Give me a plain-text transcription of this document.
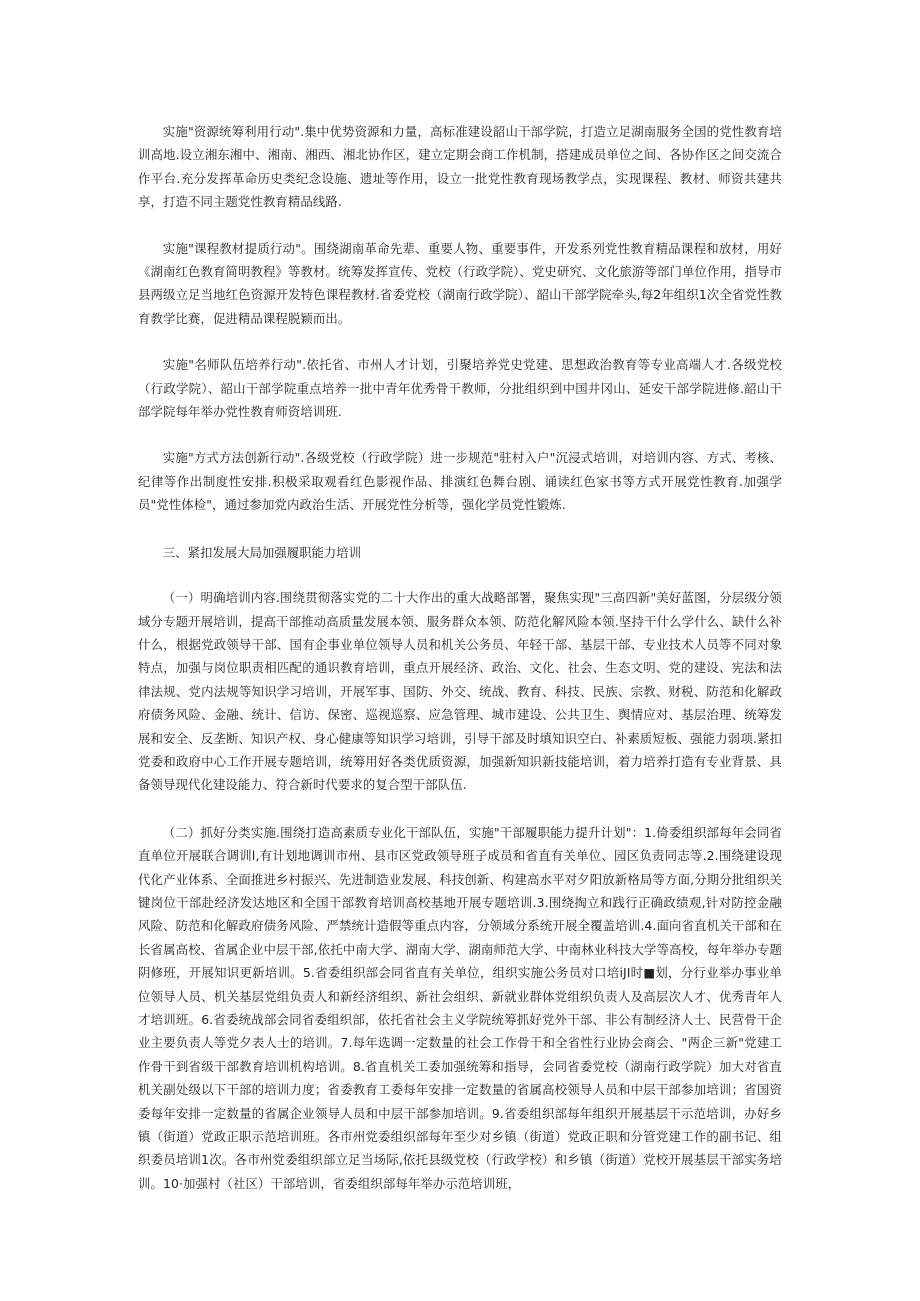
实施"资源统筹利用行动".集中优势资源和力量，高标准建设韶山干部学院，打造立足湖南服务全国的党性教育培训高地.设立湘东湘中、湘南、湘西、湘北协作区，建立定期会商工作机制，搭建成员单位之间、各协作区之间交流合作平台.充分发挥革命历史类纪念设施、遗址等作用，设立一批党性教育现场教学点，实现课程、教材、师资共建共享，打造不同主题党性教育精品线路.

实施"课程教材提质行动"。围绕湖南革命先辈、重要人物、重要事件，开发系列党性教育精品课程和放材，用好《湖南红色教育简明教程》等教材。统筹发挥宣传、党校（行政学院）、党史研究、文化旅游等部门单位作用，指导市县两级立足当地红色资源开发特色课程教材.省委党校（湖南行政学院）、韶山干部学院牵头,每2年组织1次全省党性教育教学比赛，促进精品课程脱颖而出。

实施"名师队伍培养行动".依托省、市州人才计划，引聚培养党史党建、思想政治教育等专业高端人才.各级党校（行政学院）、韶山干部学院重点培养一批中青年优秀骨干教师，分批组织到中国井冈山、延安干部学院进修.韶山干部学院每年举办党性教育师资培训班.

实施"方式方法创新行动".各级党校（行政学院）进一步规范"驻村入户"沉浸式培训，对培训内容、方式、考核、纪律等作出制度性安排.积极采取观看红色影视作品、排演红色舞台剧、诵读红色家书等方式开展党性教育.加强学员"党性体检"，通过参加党内政治生活、开展党性分析等，强化学员党性锻炼.

三、紧扣发展大局加强履职能力培训

（一）明确培训内容.围绕贯彻落实党的二十大作出的重大战略部署，聚焦实现"三高四新"美好蓝图，分层级分领域分专题开展培训，提高干部推动高质量发展本领、服务群众本领、防范化解风险本领.坚持干什么学什么、缺什么补什么，根据党政领导干部、国有企事业单位领导人员和机关公务员、年轻干部、基层干部、专业技术人员等不同对象特点，加强与岗位职责相匹配的通识教育培训，重点开展经济、政治、文化、社会、生态文明、党的建设、宪法和法律法规、党内法规等知识学习培训，开展军事、国防、外交、统战、教育、科技、民族、宗教、财税、防范和化解政府债务风险、金融、统计、信访、保密、巡视巡察、应急管理、城市建设、公共卫生、舆情应对、基层治理、统筹发展和安全、反垄断、知识产权、身心健康等知识学习培训，引导干部及时填知识空白、补素质短板、强能力弱项.紧扣党委和政府中心工作开展专题培训，统筹用好各类优质资源，加强新知识新技能培训，着力培养打造有专业背景、具备领导现代化建设能力、符合新时代要求的复合型干部队伍.

（二）抓好分类实施.围绕打造高素质专业化干部队伍，实施"干部履职能力提升计划"：1.倚委组织部每年会同省直单位开展联合调训l,有计划地调训市州、县市区党政领导班子成员和省直有关单位、园区负责同志等.2.围绕建设现代化产业体系、全面推进乡村振兴、先进制造业发展、科技创新、构建高水平对夕阳放新格局等方面,分期分批组织关键岗位干部赴经济发达地区和全国干部教育培训高校基地开展专题培训.3.围绕掏立和践行正确政绩观,针对防控金融风险、防范和化解政府债务风险、严禁统计造假等重点内容，分领域分系统开展全覆盖培训.4.面向省直机关干部和在长省属高校、省属企业中层干部,依托中南大学、湖南大学、湖南师范大学、中南林业科技大学等高校，每年举办专题阴修班，开展知识更新培训。5.省委组织部会同省直有关单位，组织实施公务员对口培iJI时■划，分行业举办事业单位领导人员、机关基层党组负责人和新经济组织、新社会组织、新就业群体党组织负责人及高层次人才、优秀青年人才培训班。6.省委统战部会同省委组织部，依托省社会主义学院统筹抓好党外干部、非公有制经济人士、民营骨干企业主要负责人等党夕表人士的培训。7.每年选调一定数量的社会工作骨干和全省性行业协会商会、"两企三新"党建工作骨干到省级干部教育培训机构培训。8.省直机关工委加强统筹和指导，会同省委党校（湖南行政学院）加大对省直机关副处级以下干部的培训力度；省委教育工委每年安排一定数量的省属高校领导人员和中层干部参加培训；省国资委每年安排一定数量的省属企业领导人员和中层干部参加培训。9.省委组织部每年组织开展基层干示范培训，办好乡镇（街道）党政正职示范培训班。各市州党委组织部每年至少对乡镇（街道）党政正职和分管党建工作的副书记、组织委员培训1次。各市州党委组织部立足当场际,依托县级党校（行政学校）和乡镇（街道）党校开展基层干部实务培训。10·加强村（社区）干部培训，省委组织部每年举办示范培训班，
